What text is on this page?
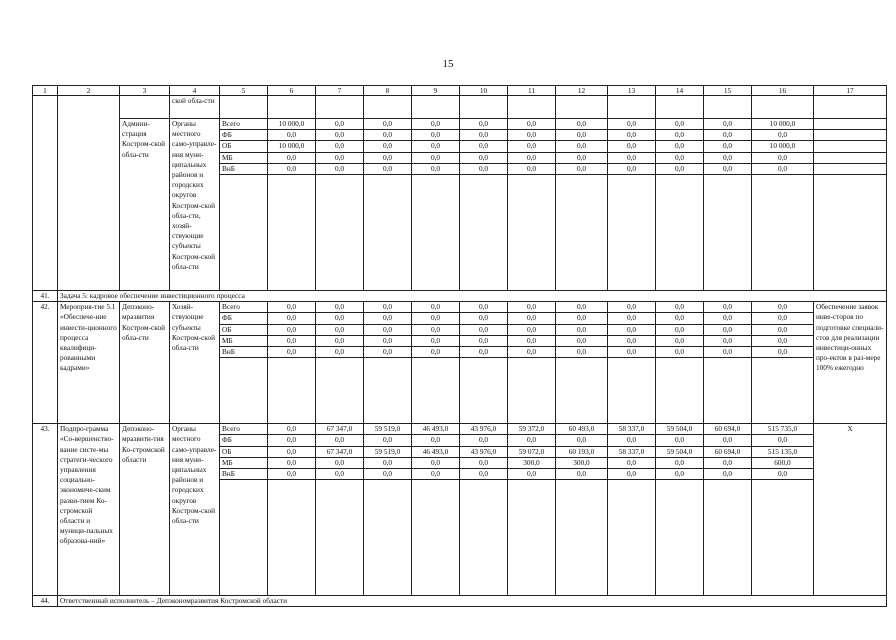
15
1	2	3	4	5	6	7	8	9	10	11	12	13	14	15	16	17
			ской обла-сти													
		Админи-страция Костром-ской обла-сти	Органы местного само-управле-ния муни-ципальных районов и городских округов Костром-ской обла-сти, хозяй-ствующие субъекты Костром-ской обла-сти	Всего	10 000,0	0,0	0,0	0,0	0,0	0,0	0,0	0,0	0,0	0,0	10 000,0	
				ФБ	0,0	0,0	0,0	0,0	0,0	0,0	0,0	0,0	0,0	0,0	0,0	
				ОБ	10 000,0	0,0	0,0	0,0	0,0	0,0	0,0	0,0	0,0	0,0	10 000,0	
				МБ	0,0	0,0	0,0	0,0	0,0	0,0	0,0	0,0	0,0	0,0	0,0	
				ВнБ	0,0	0,0	0,0	0,0	0,0	0,0	0,0	0,0	0,0	0,0	0,0	

41.	Задача 5: кадровое обеспечение инвестиционного процесса															
42.	Мероприя-тие 5.1 «Обеспече-ние инвести-ционного процесса квалифици-рованными кадрами»	Депэконо-мразвития Костром-ской обла-сти	Хозяй-ствующие субъекты Костром-ской обла-сти	Всего	0,0	0,0	0,0	0,0	0,0	0,0	0,0	0,0	0,0	0,0	0,0	Обеспечение заявок инве-сторов по подготовке специали-стов для реализации инвестици-онных про-ектов в раз-мере 100% ежегодно
				ФБ	0,0	0,0	0,0	0,0	0,0	0,0	0,0	0,0	0,0	0,0	0,0	
				ОБ	0,0	0,0	0,0	0,0	0,0	0,0	0,0	0,0	0,0	0,0	0,0	
				МБ	0,0	0,0	0,0	0,0	0,0	0,0	0,0	0,0	0,0	0,0	0,0	
				ВнБ	0,0	0,0	0,0	0,0	0,0	0,0	0,0	0,0	0,0	0,0	0,0	

43.	Подпро-грамма «Со-вершенство-вание систе-мы стратеги-ческого управления социально-экономиче-ским разви-тием Ко-стромской области и муници-пальных образова-ний»	Депэконо-мразвити-тия Ко-стромской области	Органы местного само-управле-ния муни-ципальных районов и городских округов Костром-ской обла-сти	Всего	0,0	67 347,0	59 519,0	46 493,0	43 976,0	59 372,0	60 493,0	58 337,0	59 504,0	60 694,0	515 735,0	Х
				ФБ	0,0	0,0	0,0	0,0	0,0	0,0	0,0	0,0	0,0	0,0	0,0	
				ОБ	0,0	67 347,0	59 519,0	46 493,0	43 976,0	59 072,0	60 193,0	58 337,0	59 504,0	60 694,0	515 135,0	
				МБ	0,0	0,0	0,0	0,0	0,0	300,0	300,0	0,0	0,0	0,0	600,0	
				ВнБ	0,0	0,0	0,0	0,0	0,0	0,0	0,0	0,0	0,0	0,0	0,0	

44.	Ответственный исполнитель – Депэкономразвития Костромской области															
